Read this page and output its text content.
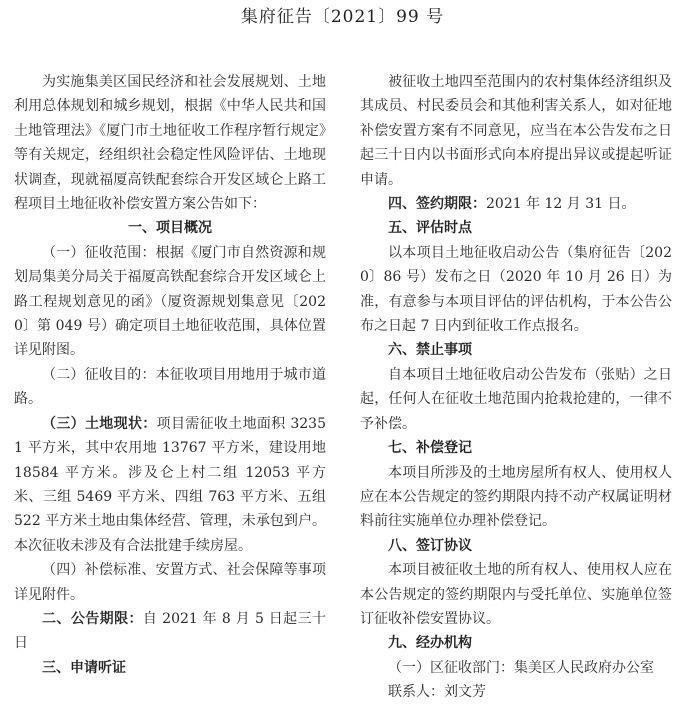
集府征告〔2021〕99 号

为实施集美区国民经济和社会发展规划、土地利用总体规划和城乡规划，根据《中华人民共和国土地管理法》《厦门市土地征收工作程序暂行规定》等有关规定，经组织社会稳定性风险评估、土地现状调查，现就福厦高铁配套综合开发区域仑上路工程项目土地征收补偿安置方案公告如下：

一、项目概况

（一）征收范围：根据《厦门市自然资源和规划局集美分局关于福厦高铁配套综合开发区域仑上路工程规划意见的函》（厦资源规划集意见〔2020〕第 049 号）确定项目土地征收范围，具体位置详见附图。

（二）征收目的：本征收项目用地用于城市道路。

（三）土地现状：项目需征收土地面积 32351 平方米，其中农用地 13767 平方米，建设用地 18584 平方米。涉及仑上村二组 12053 平方米、三组 5469 平方米、四组 763 平方米、五组 522 平方米土地由集体经营、管理，未承包到户。本次征收未涉及有合法批建手续房屋。

（四）补偿标准、安置方式、社会保障等事项详见附件。

二、公告期限：自 2021 年 8 月 5 日起三十日

三、申请听证

被征收土地四至范围内的农村集体经济组织及其成员、村民委员会和其他利害关系人，如对征地补偿安置方案有不同意见，应当在本公告发布之日起三十日内以书面形式向本府提出异议或提起听证申请。

四、签约期限：2021 年 12 月 31 日。

五、评估时点

以本项目土地征收启动公告（集府征告〔2020〕86 号）发布之日（2020 年 10 月 26 日）为准，有意参与本项目评估的评估机构，于本公告公布之日起 7 日内到征收工作点报名。

六、禁止事项

自本项目土地征收启动公告发布（张贴）之日起，任何人在征收土地范围内抢栽抢建的，一律不予补偿。

七、补偿登记

本项目所涉及的土地房屋所有权人、使用权人应在本公告规定的签约期限内持不动产权属证明材料前往实施单位办理补偿登记。

八、签订协议

本项目被征收土地的所有权人、使用权人应在本公告规定的签约期限内与受托单位、实施单位签订征收补偿安置协议。

九、经办机构

（一）区征收部门：集美区人民政府办公室

联系人：刘文芳
